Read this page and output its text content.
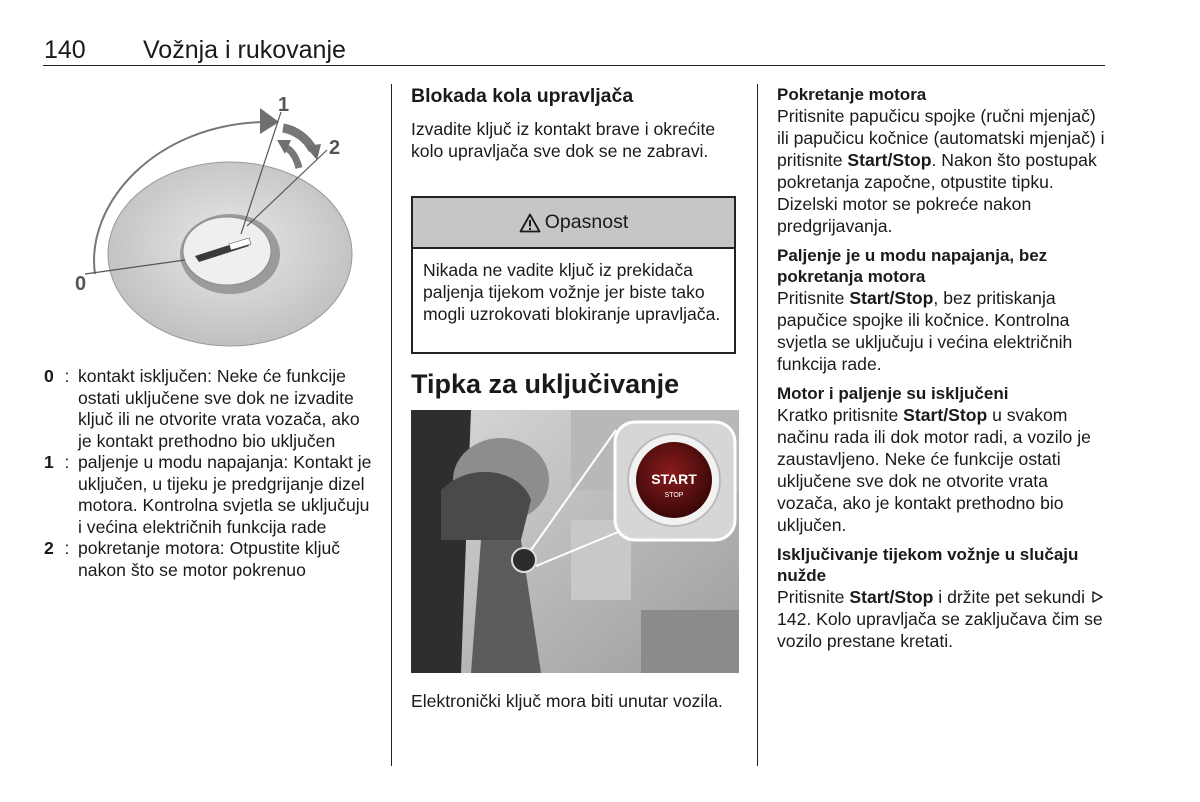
140 Vožnja i rukovanje
0
1
2
0 : kontakt isključen: Neke će funkcije ostati uključene sve dok ne izvadite ključ ili ne otvorite vrata vozača, ako je kontakt prethodno bio uključen
1 : paljenje u modu napajanja: Kontakt je uključen, u tijeku je predgrijanje dizel motora. Kontrolna svjetla se uključuju i većina električnih funkcija rade
2 : pokretanje motora: Otpustite ključ nakon što se motor pokrenuo
Blokada kola upravljača

Izvadite ključ iz kontakt brave i okrećite kolo upravljača sve dok se ne zabravi.

Opasnost
Nikada ne vadite ključ iz prekidača paljenja tijekom vožnje jer biste tako mogli uzrokovati blokiranje upravljača.
Tipka za uključivanje
START
STOP

Elektronički ključ mora biti unutar vozila.

Pokretanje motora

Pritisnite papučicu spojke (ručni mjenjač) ili papučicu kočnice (automatski mjenjač) i pritisnite Start/Stop. Nakon što postupak pokretanja započne, otpustite tipku. Dizelski motor se pokreće nakon predgrijavanja.

Paljenje je u modu napajanja, bez pokretanja motora

Pritisnite Start/Stop, bez pritiskanja papučice spojke ili kočnice. Kontrolna svjetla se uključuju i većina električnih funkcija rade.

Motor i paljenje su isključeni

Kratko pritisnite Start/Stop u svakom načinu rada ili dok motor radi, a vozilo je zaustavljeno. Neke će funkcije ostati uključene sve dok ne otvorite vrata vozača, ako je kontakt prethodno bio uključen.

Isključivanje tijekom vožnje u slučaju nužde

Pritisnite Start/Stop i držite pet sekundi  142. Kolo upravljača se zaključava čim se vozilo prestane kretati.
